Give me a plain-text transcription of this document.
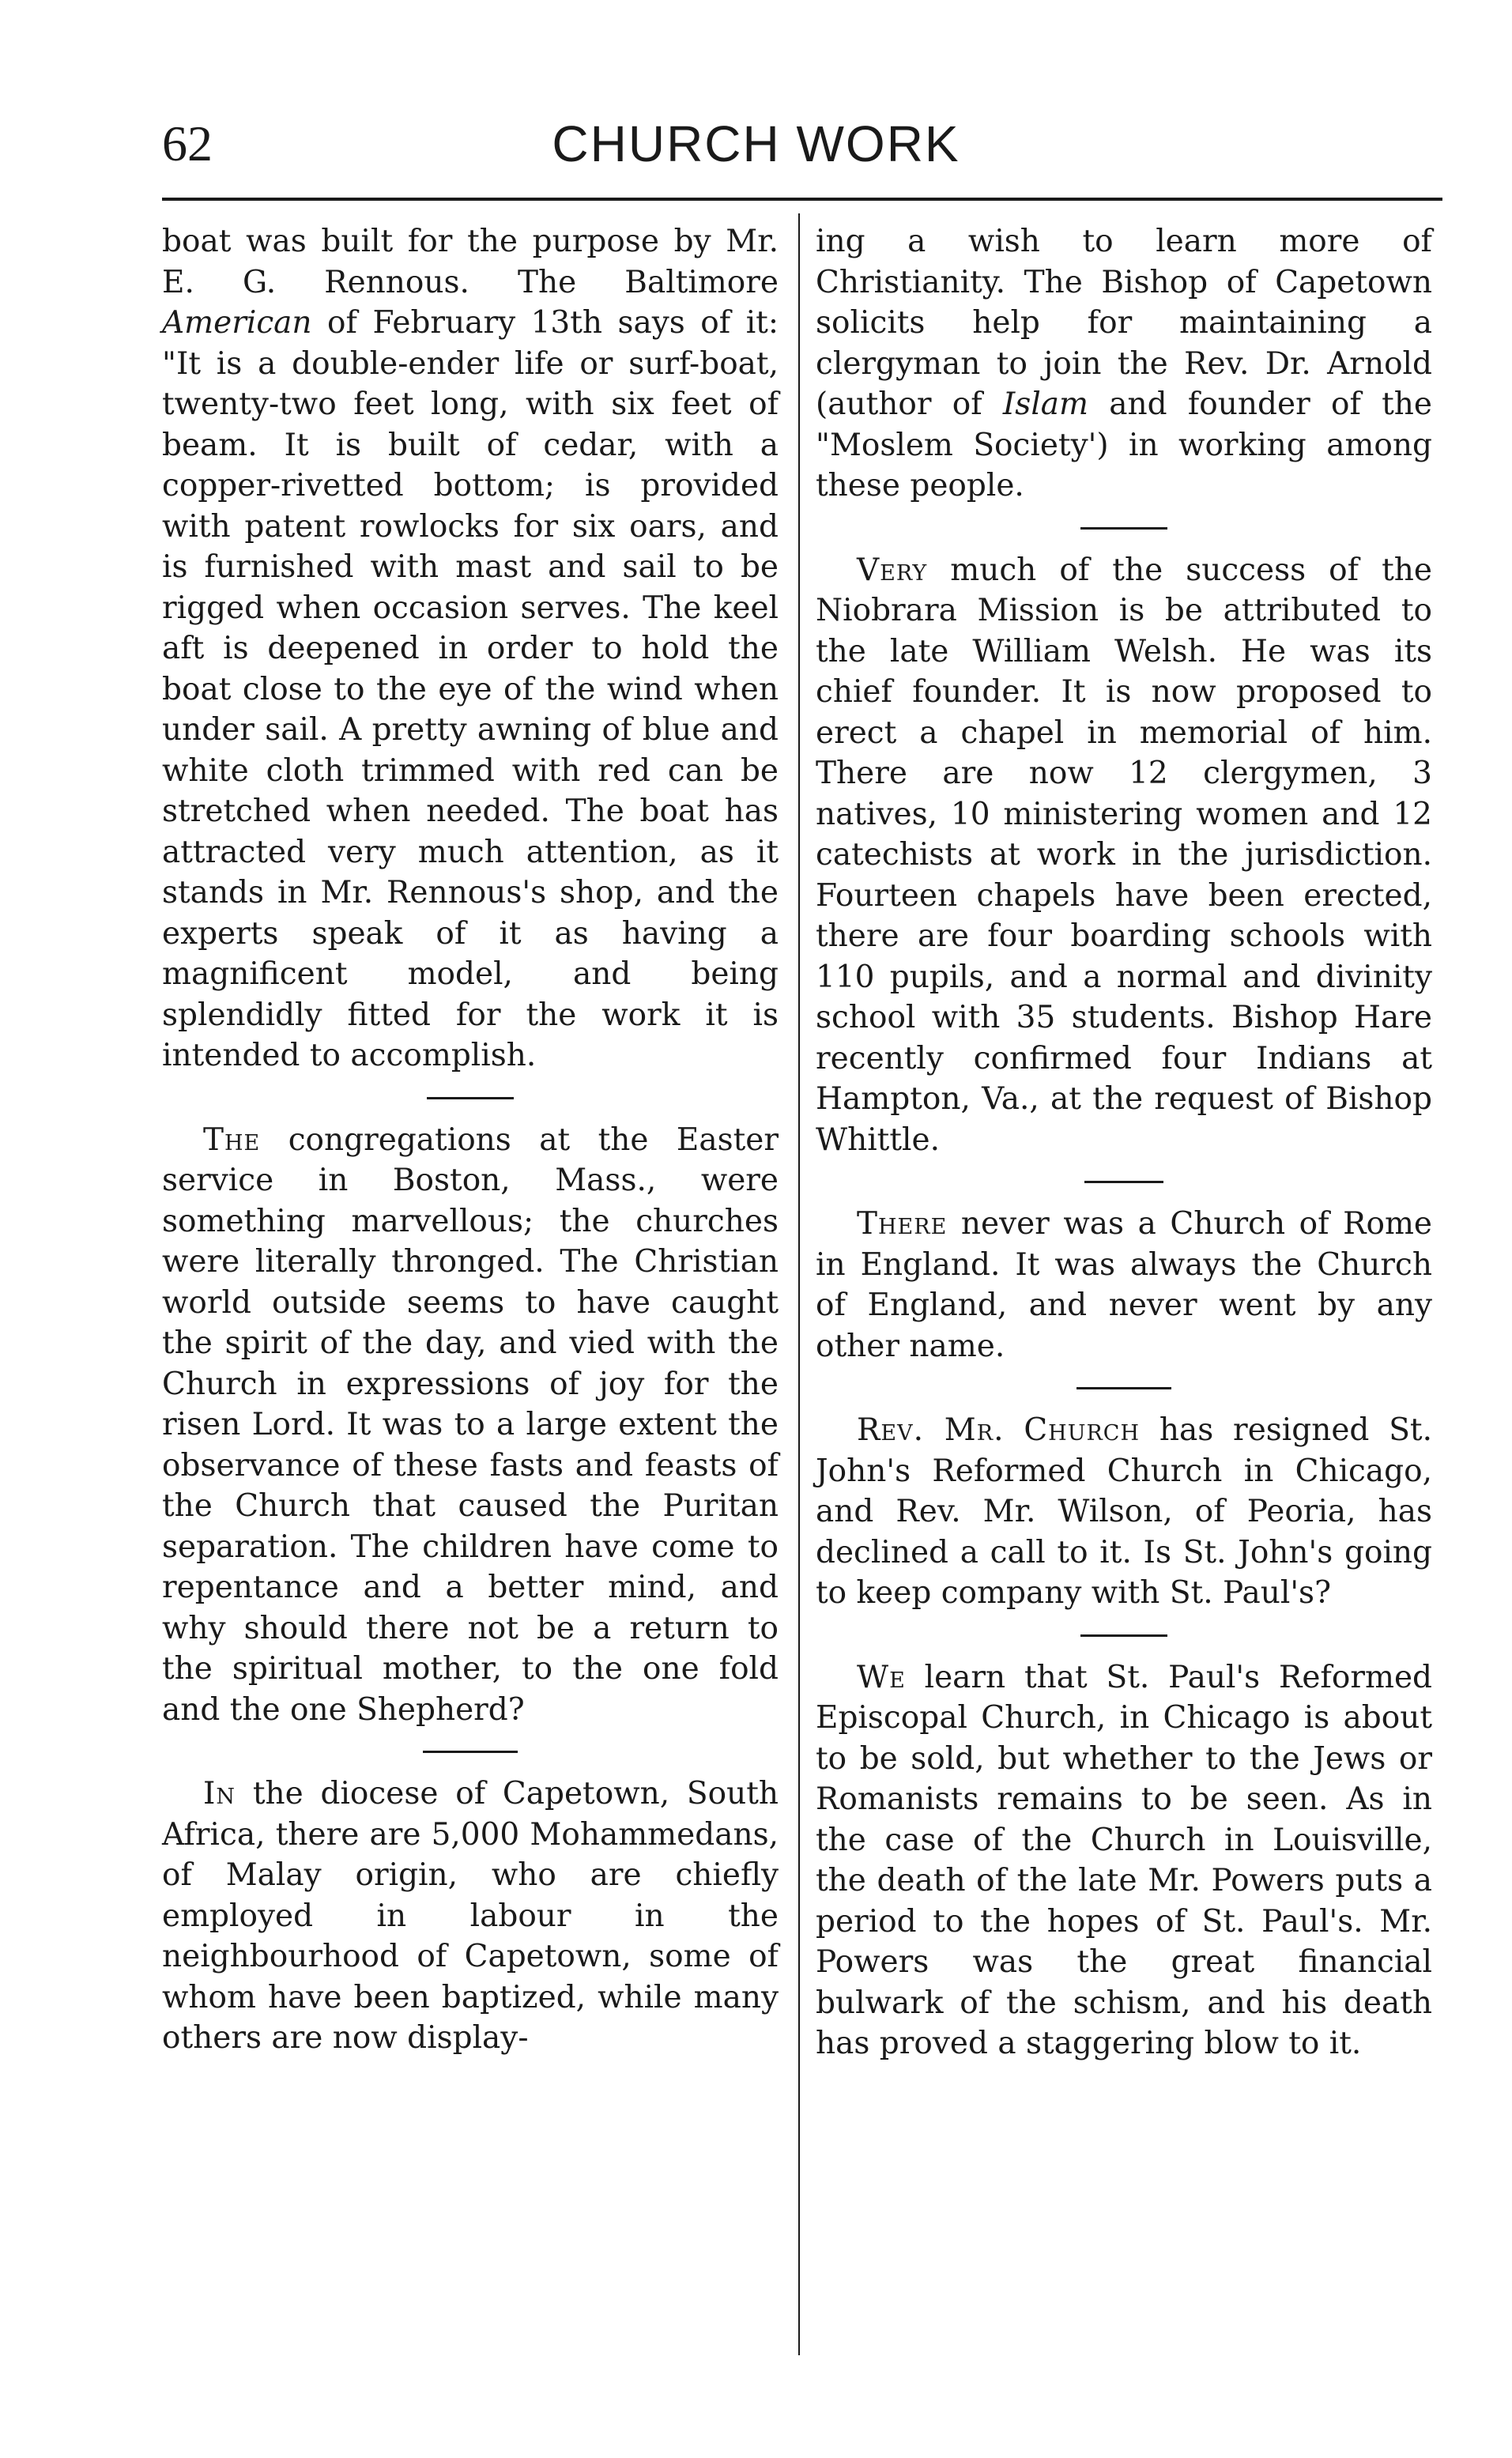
62	CHURCH WORK

boat was built for the purpose by Mr. E. G. Rennous. The Baltimore American of February 13th says of it: "It is a double-ender life or surf-boat, twenty-two feet long, with six feet of beam. It is built of cedar, with a copper-rivetted bottom; is provided with patent rowlocks for six oars, and is furnished with mast and sail to be rigged when occasion serves. The keel aft is deepened in order to hold the boat close to the eye of the wind when under sail. A pretty awning of blue and white cloth trimmed with red can be stretched when needed. The boat has attracted very much attention, as it stands in Mr. Rennous's shop, and the experts speak of it as having a magnificent model, and being splendidly fitted for the work it is intended to accomplish.

The congregations at the Easter service in Boston, Mass., were something marvellous; the churches were literally thronged. The Christian world outside seems to have caught the spirit of the day, and vied with the Church in expressions of joy for the risen Lord. It was to a large extent the observance of these fasts and feasts of the Church that caused the Puritan separation. The children have come to repentance and a better mind, and why should there not be a return to the spiritual mother, to the one fold and the one Shepherd?

In the diocese of Capetown, South Africa, there are 5,000 Mohammedans, of Malay origin, who are chiefly employed in labour in the neighbourhood of Capetown, some of whom have been baptized, while many others are now display-

ing a wish to learn more of Christianity. The Bishop of Capetown solicits help for maintaining a clergyman to join the Rev. Dr. Arnold (author of Islam and founder of the "Moslem Society') in working among these people.

Very much of the success of the Niobrara Mission is be attributed to the late William Welsh. He was its chief founder. It is now proposed to erect a chapel in memorial of him. There are now 12 clergymen, 3 natives, 10 ministering women and 12 catechists at work in the jurisdiction. Fourteen chapels have been erected, there are four boarding schools with 110 pupils, and a normal and divinity school with 35 students. Bishop Hare recently confirmed four Indians at Hampton, Va., at the request of Bishop Whittle.

There never was a Church of Rome in England. It was always the Church of England, and never went by any other name.

Rev. Mr. Church has resigned St. John's Reformed Church in Chicago, and Rev. Mr. Wilson, of Peoria, has declined a call to it. Is St. John's going to keep company with St. Paul's?

We learn that St. Paul's Reformed Episcopal Church, in Chicago is about to be sold, but whether to the Jews or Romanists remains to be seen. As in the case of the Church in Louisville, the death of the late Mr. Powers puts a period to the hopes of St. Paul's. Mr. Powers was the great financial bulwark of the schism, and his death has proved a staggering blow to it.
